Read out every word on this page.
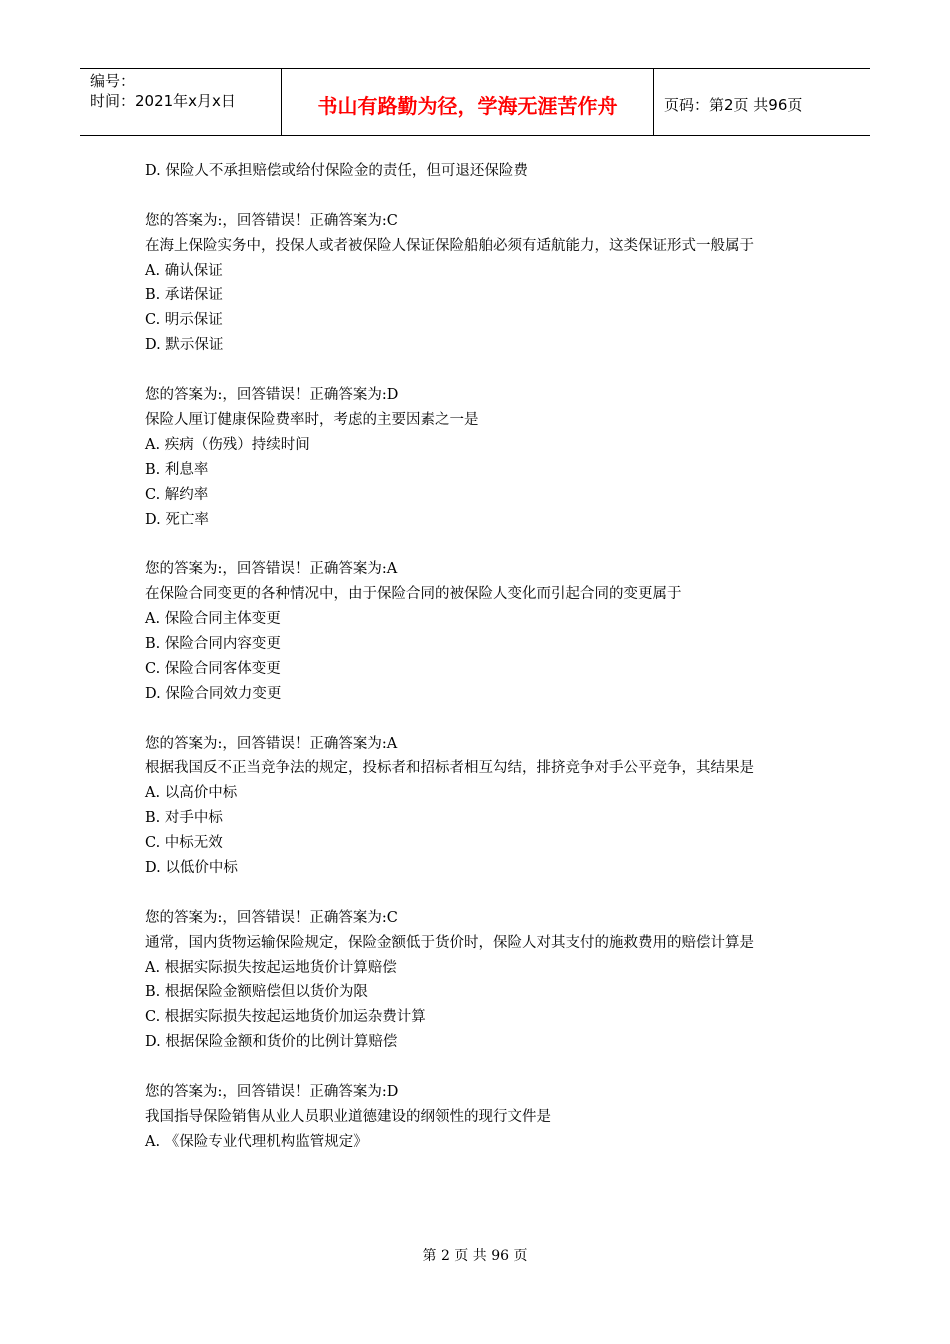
编号：
时间：2021年x月x日	书山有路勤为径，学海无涯苦作舟	页码：第2页 共96页
D. 保险人不承担赔偿或给付保险金的责任，但可退还保险费
您的答案为:，回答错误！正确答案为:C
在海上保险实务中，投保人或者被保险人保证保险船舶必须有适航能力，这类保证形式一般属于
A. 确认保证
B. 承诺保证
C. 明示保证
D. 默示保证
您的答案为:，回答错误！正确答案为:D
保险人厘订健康保险费率时，考虑的主要因素之一是
A. 疾病（伤残）持续时间
B. 利息率
C. 解约率
D. 死亡率
您的答案为:，回答错误！正确答案为:A
在保险合同变更的各种情况中，由于保险合同的被保险人变化而引起合同的变更属于
A. 保险合同主体变更
B. 保险合同内容变更
C. 保险合同客体变更
D. 保险合同效力变更
您的答案为:，回答错误！正确答案为:A
根据我国反不正当竞争法的规定，投标者和招标者相互勾结，排挤竞争对手公平竞争，其结果是
A. 以高价中标
B. 对手中标
C. 中标无效
D. 以低价中标
您的答案为:，回答错误！正确答案为:C
通常，国内货物运输保险规定，保险金额低于货价时，保险人对其支付的施救费用的赔偿计算是
A. 根据实际损失按起运地货价计算赔偿
B. 根据保险金额赔偿但以货价为限
C. 根据实际损失按起运地货价加运杂费计算
D. 根据保险金额和货价的比例计算赔偿
您的答案为:，回答错误！正确答案为:D
我国指导保险销售从业人员职业道德建设的纲领性的现行文件是
A. 《保险专业代理机构监管规定》
第 2 页 共 96 页
